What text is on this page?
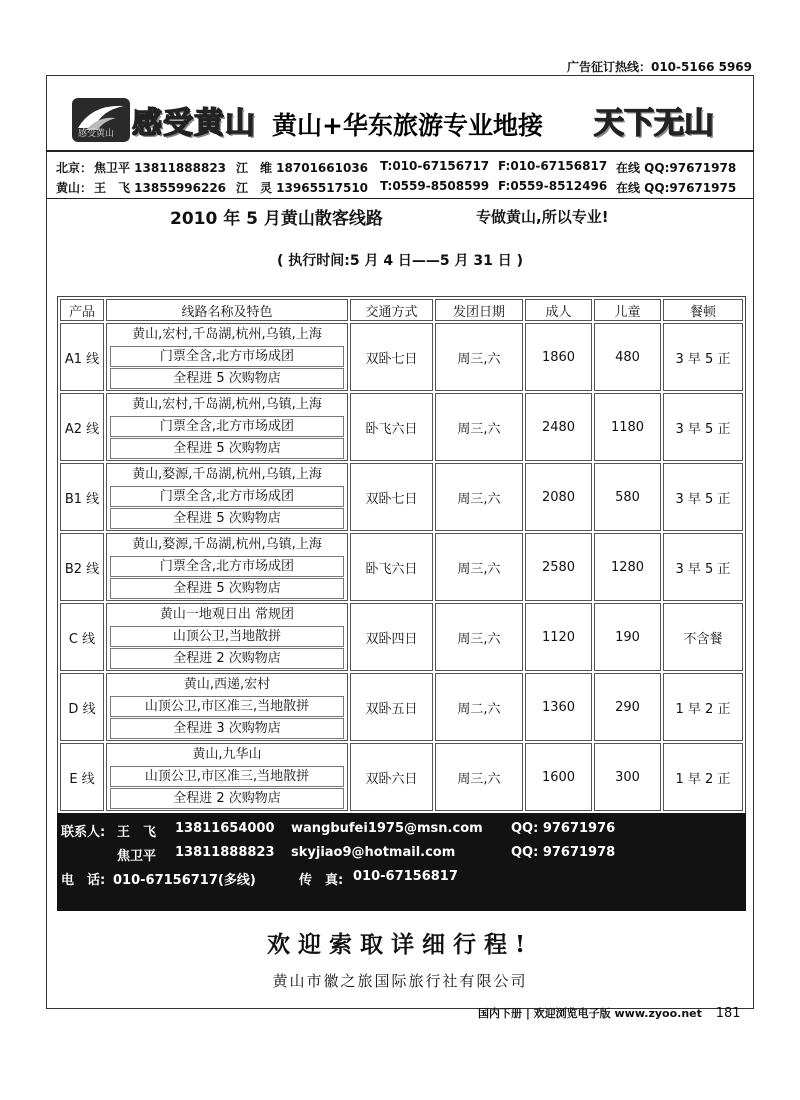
广告征订热线：010-5166 5969
感受黄山 感受黄山 黄山+华东旅游专业地接 天下无山
北京： 焦卫平 13811888823 江　维 18701661036 T:010-67156717 F:010-67156817 在线 QQ:97671978
黄山： 王　飞 13855996226 江　灵 13965517510 T:0559-8508599 F:0559-8512496 在线 QQ:97671975
2010 年 5 月黄山散客线路	专做黄山,所以专业!
( 执行时间:5 月 4 日——5 月 31 日 )
产品	线路名称及特色	交通方式	发团日期	成人	儿童	餐顿
A1 线	黄山,宏村,千岛湖,杭州,乌镇,上海
门票全含,北方市场成团
全程进 5 次购物店	双卧七日	周三,六	1860	480	3 早 5 正
A2 线	黄山,宏村,千岛湖,杭州,乌镇,上海
门票全含,北方市场成团
全程进 5 次购物店	卧飞六日	周三,六	2480	1180	3 早 5 正
B1 线	黄山,婺源,千岛湖,杭州,乌镇,上海
门票全含,北方市场成团
全程进 5 次购物店	双卧七日	周三,六	2080	580	3 早 5 正
B2 线	黄山,婺源,千岛湖,杭州,乌镇,上海
门票全含,北方市场成团
全程进 5 次购物店	卧飞六日	周三,六	2580	1280	3 早 5 正
C 线	黄山一地观日出 常规团
山顶公卫,当地散拼
全程进 2 次购物店	双卧四日	周三,六	1120	190	不含餐
D 线	黄山,西递,宏村
山顶公卫,市区准三,当地散拼
全程进 3 次购物店	双卧五日	周二,六	1360	290	1 早 2 正
E 线	黄山,九华山
山顶公卫,市区准三,当地散拼
全程进 2 次购物店	双卧六日	周三,六	1600	300	1 早 2 正
联系人: 王　飞 13811654000 wangbufei1975@msn.com QQ: 97671976
焦卫平 13811888823 skyjiao9@hotmail.com	QQ: 97671978
电　话: 010-67156717(多线)	传　真: 010-67156817
欢迎索取详细行程!
黄山市徽之旅国际旅行社有限公司
国内下册 | 欢迎浏览电子版 www.zyoo.net 181
